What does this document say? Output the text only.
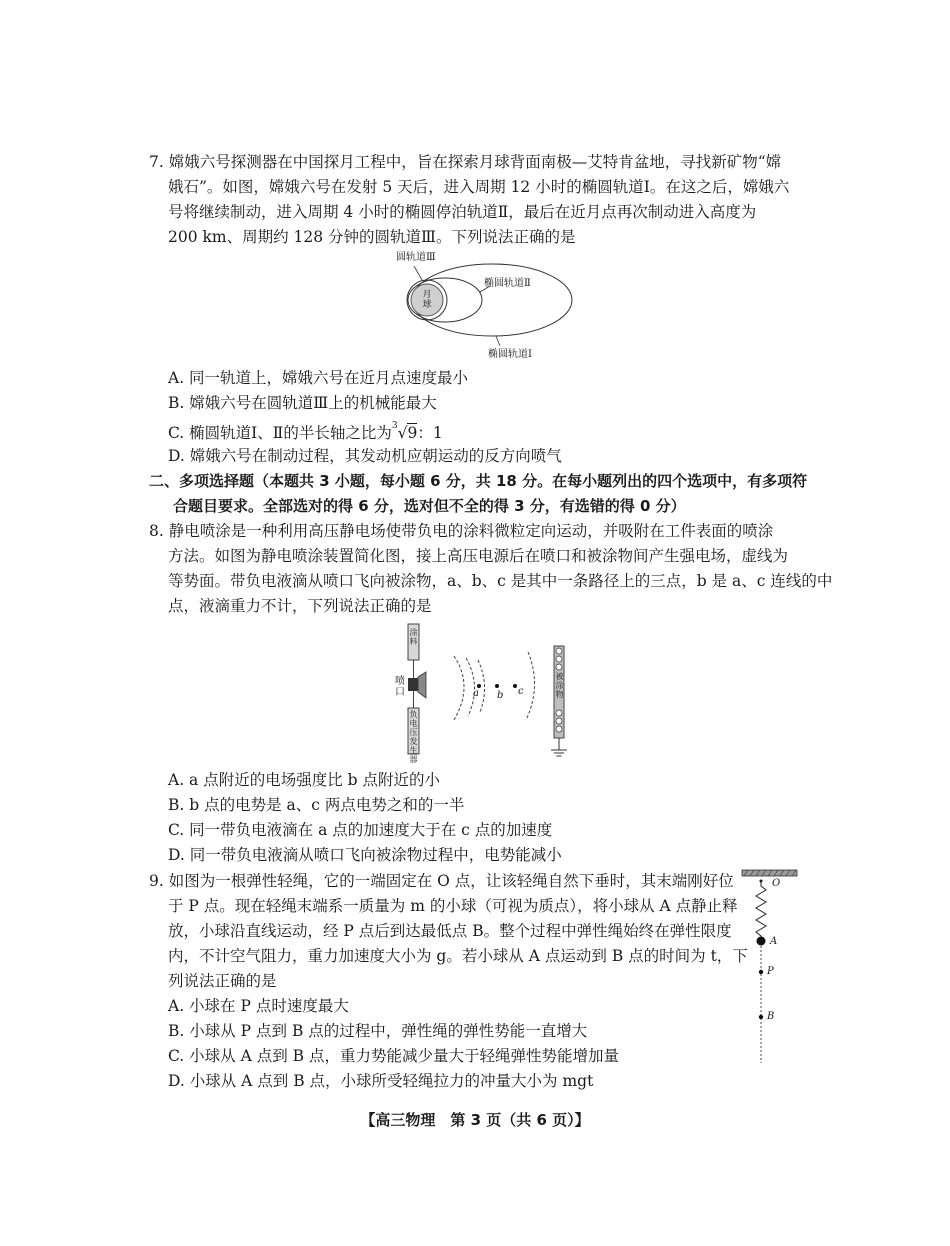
7. 嫦娥六号探测器在中国探月工程中，旨在探索月球背面南极—艾特肯盆地，寻找新矿物“嫦
娥石”。如图，嫦娥六号在发射 5 天后，进入周期 12 小时的椭圆轨道Ⅰ。在这之后，嫦娥六
号将继续制动，进入周期 4 小时的椭圆停泊轨道Ⅱ，最后在近月点再次制动进入高度为
200 km、周期约 128 分钟的圆轨道Ⅲ。下列说法正确的是
圆轨道Ⅲ
椭圆轨道Ⅱ
椭圆轨道Ⅰ
月球
A. 同一轨道上，嫦娥六号在近月点速度最小
B. 嫦娥六号在圆轨道Ⅲ上的机械能最大
C. 椭圆轨道Ⅰ、Ⅱ的半长轴之比为$^3$√9：1
D. 嫦娥六号在制动过程，其发动机应朝运动的反方向喷气
二、多项选择题（本题共 3 小题，每小题 6 分，共 18 分。在每小题列出的四个选项中，有多项符
合题目要求。全部选对的得 6 分，选对但不全的得 3 分，有选错的得 0 分）
8. 静电喷涂是一种利用高压静电场使带负电的涂料微粒定向运动，并吸附在工件表面的喷涂
方法。如图为静电喷涂装置简化图，接上高压电源后在喷口和被涂物间产生强电场，虚线为
等势面。带负电液滴从喷口飞向被涂物，a、b、c 是其中一条路径上的三点，b 是 a、c 连线的中
点，液滴重力不计，下列说法正确的是
涂料
喷口
负电压发生器
被涂物
a b c
A. a 点附近的电场强度比 b 点附近的小
B. b 点的电势是 a、c 两点电势之和的一半
C. 同一带负电液滴在 a 点的加速度大于在 c 点的加速度
D. 同一带负电液滴从喷口飞向被涂物过程中，电势能减小
9. 如图为一根弹性轻绳，它的一端固定在 O 点，让该轻绳自然下垂时，其末端刚好位
于 P 点。现在轻绳末端系一质量为 m 的小球（可视为质点），将小球从 A 点静止释
放，小球沿直线运动，经 P 点后到达最低点 B。整个过程中弹性绳始终在弹性限度
内，不计空气阻力，重力加速度大小为 g。若小球从 A 点运动到 B 点的时间为 t，下
列说法正确的是
O
A
P
B
A. 小球在 P 点时速度最大
B. 小球从 P 点到 B 点的过程中，弹性绳的弹性势能一直增大
C. 小球从 A 点到 B 点，重力势能减少量大于轻绳弹性势能增加量
D. 小球从 A 点到 B 点，小球所受轻绳拉力的冲量大小为 mgt
【高三物理　第 3 页（共 6 页）】
